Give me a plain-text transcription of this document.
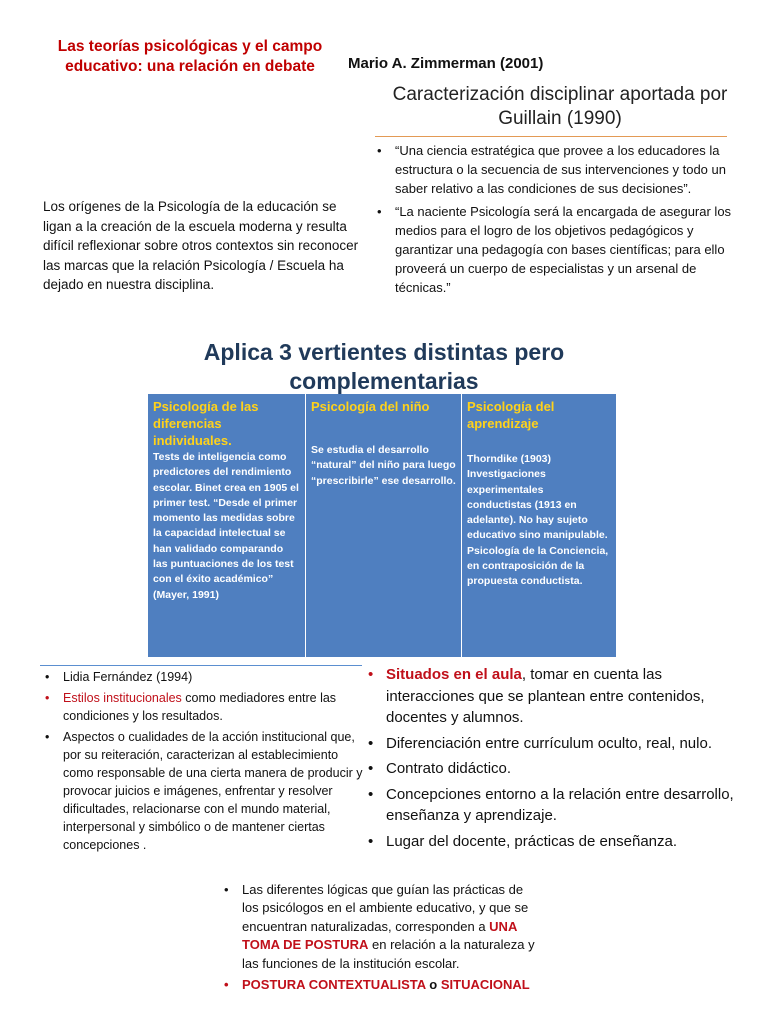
Las teorías psicológicas y el campo educativo: una relación en debate	Mario A. Zimmerman (2001)
Caracterización disciplinar aportada por Guillain (1990)
• “Una ciencia estratégica que provee a los educadores la estructura o la secuencia de sus intervenciones y todo un saber relativo a las condiciones de sus decisiones”.
• “La naciente Psicología será la encargada de asegurar los medios para el logro de los objetivos pedagógicos y garantizar una pedagogía con bases científicas; para ello proveerá un cuerpo de especialistas y un arsenal de técnicas.”
Los orígenes de la Psicología de la educación se ligan a la creación de la escuela moderna y resulta difícil reflexionar sobre otros contextos sin reconocer las marcas que la relación Psicología / Escuela ha dejado en nuestra disciplina.
Aplica 3 vertientes distintas pero complementarias
Psicología de las diferencias individuales.
Tests de inteligencia como predictores del rendimiento escolar. Binet crea en 1905 el primer test. “Desde el primer momento las medidas sobre la capacidad intelectual se han validado comparando las puntuaciones de los test con el éxito académico” (Mayer, 1991)
Psicología del niño
Se estudia el desarrollo “natural” del niño para luego “prescribirle” ese desarrollo.
Psicología del aprendizaje
Thorndike (1903) Investigaciones experimentales conductistas (1913 en adelante). No hay sujeto educativo sino manipulable. Psicología de la Conciencia, en contraposición de la propuesta conductista.
• Lidia Fernández (1994)
• Estilos institucionales como mediadores entre las condiciones y los resultados.
• Aspectos o cualidades de la acción institucional que, por su reiteración, caracterizan al establecimiento como responsable de una cierta manera de producir y provocar juicios e imágenes, enfrentar y resolver dificultades, relacionarse con el mundo material, interpersonal y simbólico o de mantener ciertas concepciones .
• Situados en el aula, tomar en cuenta las interacciones que se plantean entre contenidos, docentes y alumnos.
• Diferenciación entre currículum oculto, real, nulo.
• Contrato didáctico.
• Concepciones entorno a la relación entre desarrollo, enseñanza y aprendizaje.
• Lugar del docente, prácticas de enseñanza.
• Las diferentes lógicas que guían las prácticas de los psicólogos en el ambiente educativo, y que se encuentran naturalizadas, corresponden a UNA TOMA DE POSTURA en relación a la naturaleza y las funciones de la institución escolar.
• POSTURA CONTEXTUALISTA o SITUACIONAL
